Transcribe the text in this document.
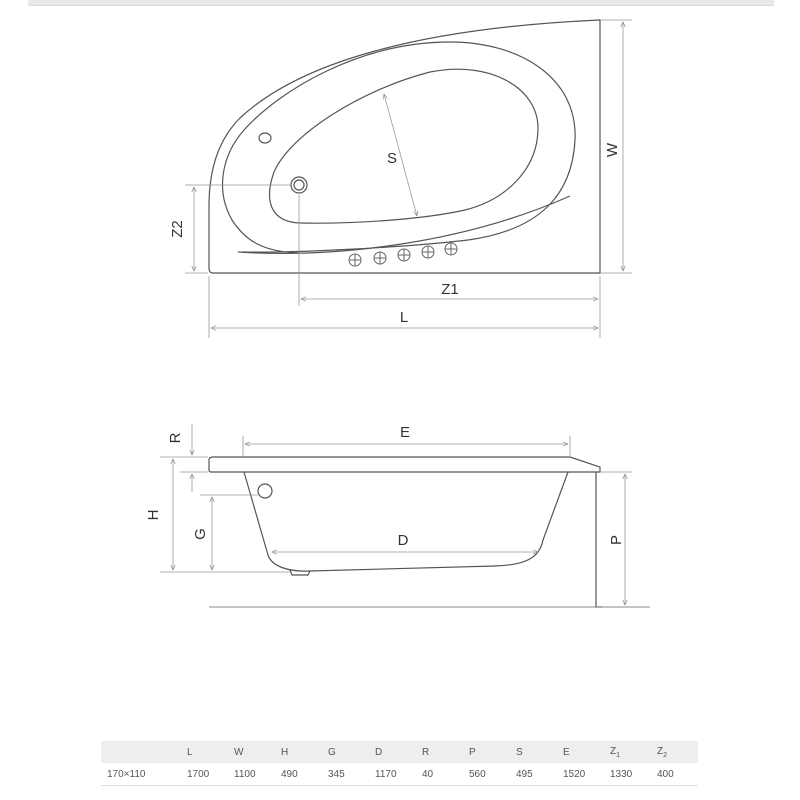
W
S
Z2
Z1
L
R	E
H
G	D	P
	L	W	H	G	D	R	P	S	E	$Z_1$	$Z_2$
170×110	1700	1100	490	345	1170	40	560	495	1520	1330	400
